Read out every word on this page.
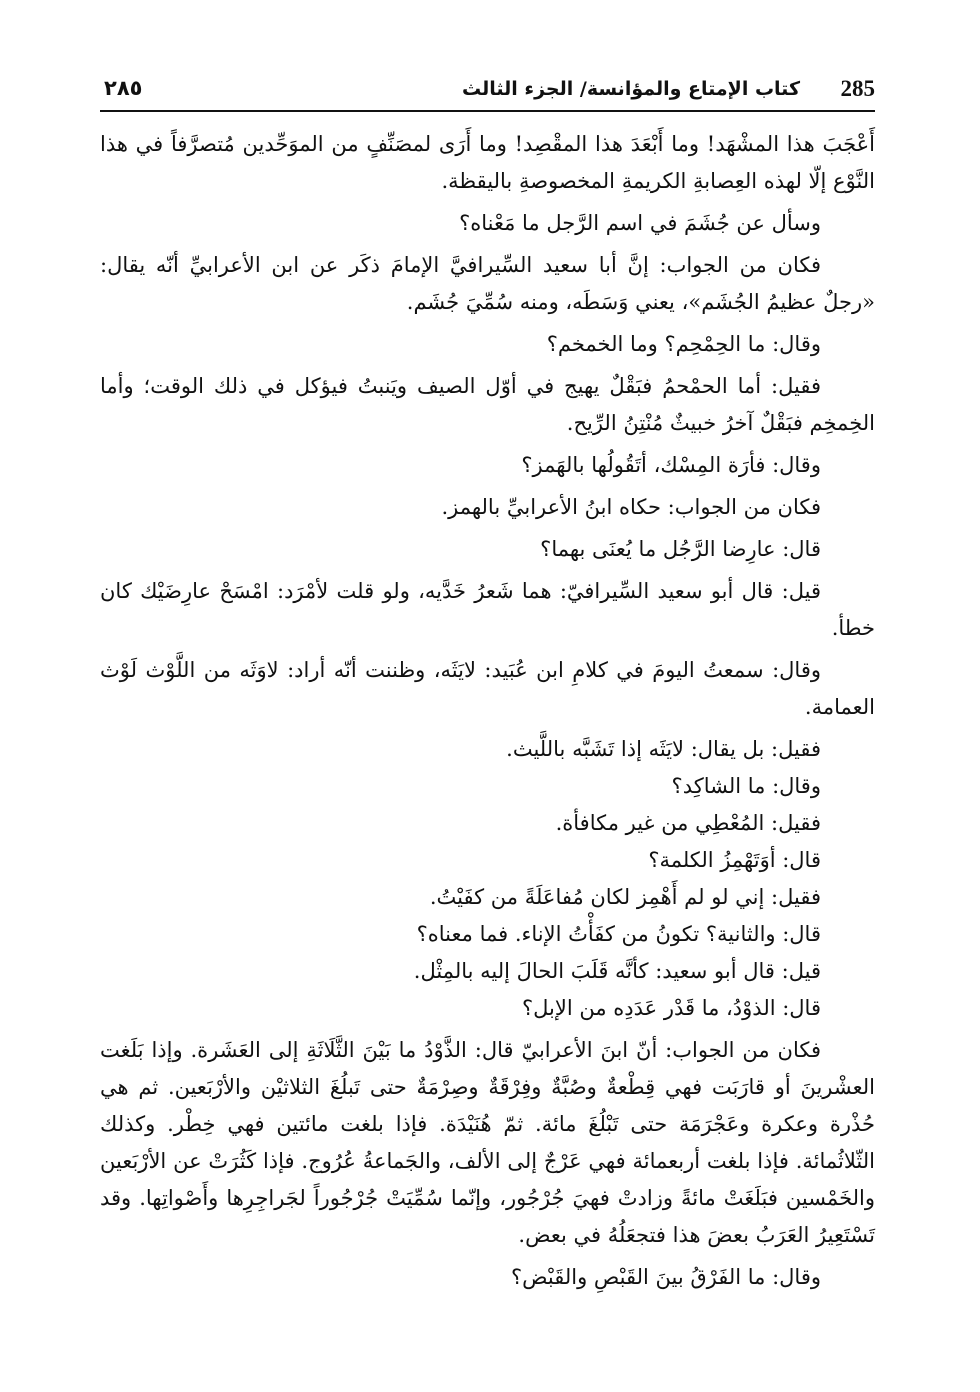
285
كتاب الإمتاع والمؤانسة/ الجزء الثالث
٢٨٥

أَعْجَبَ هذا المشْهَد! وما أَبْعَدَ هذا المقْصِد! وما أَرَى لمصَنِّفٍ من الموَحِّدين مُتصرَّفاً في هذا النَّوْع إلّا لهذه العِصابةِ الكريمةِ المخصوصةِ باليقظة.

وسأل عن جُشَمَ في اسم الرَّجل ما مَعْناه؟

فكان من الجواب: إنَّ أبا سعيد السِّيرافيَّ الإمامَ ذكَر عن ابن الأعرابيِّ أنّه يقال: «رجلٌ عظيمُ الجُشَم»، يعني وَسَطَه، ومنه سُمِّيَ جُشَم.

وقال: ما الحِمْحِم؟ وما الخمخم؟

فقيل: أما الحمْحمُ فبَقْلٌ يهيج في أوّل الصيف ويَنبتُ فيؤكل في ذلك الوقت؛ وأما الخِمخِم فبَقْلٌ آخرُ خبيثٌ مُنْتِنُ الرِّيح.

وقال: فأرَة المِسْك، أتَقُولُها بالهَمز؟

فكان من الجواب: حكاه ابنُ الأعرابيِّ بالهمز.

قال: عارِضا الرَّجُل ما يُعنَى بهما؟

قيل: قال أبو سعيد السِّيرافيّ: هما شَعرُ خَدَّيه، ولو قلت لأمْرَد: امْسَحْ عارِضَيْك كان خطأ.

وقال: سمعتُ اليومَ في كلامِ ابن عُبَيد: لايَثَه، وظننت أنّه أراد: لاوَثَه من اللَّوْث لَوْث العمامة.

فقيل: بل يقال: لايَثَه إذا تَشَبَّه باللَّيث.

وقال: ما الشاكِد؟

فقيل: المُعْطِي من غير مكافأة.

قال: أوَتَهْمِزُ الكلمة؟

فقيل: إني لو لم أَهْمِز لكان مُفاعَلَةً من كفَيْتُ.

قال: والثانية؟ تكونُ من كفَأْتُ الإناء. فما معناه؟

قيل: قال أبو سعيد: كأنَّه قَلَبَ الحالَ إليه بالمِثْل.

قال: الذوْدُ، ما قَدْر عَدَدِه من الإبل؟

فكان من الجواب: أنّ ابنَ الأعرابيّ قال: الذَّوْدُ ما بَيْنَ الثَّلَاثَةِ إلى العَشَرة. وإذا بَلَغت العشْرينَ أو قارَبَت فهي قِطْعةٌ وصُبَّةٌ وفِرْقَةٌ وصِرْمَةٌ حتى تَبلُغَ الثلاثيْن والأرْبَعين. ثم هي حُذْرة وعكرة وعَجْرَمَة حتى تَبْلُغَ مائة. ثمّ هُنَيْدَة. فإذا بلغت مائتين فهي خِطْر. وكذلك الثّلاثُمائة. فإذا بلغت أربعمائة فهي عَرْجٌ إلى الألف، والجَماعةُ عُرُوج. فإذا كَثُرَتْ عن الأرْبَعين والخَمْسين فبَلَغَتْ مائةً وزادتْ فهيَ جُرْجُور، وإنّما سُمِّيَتْ جُرْجُوراً لجَراجِرِها وأَصْواتِها. وقد تَسْتَعِيرُ العَرَبُ بعضَ هذا فتجعَلُهُ في بعض.

وقال: ما الفَرْقُ بينَ القَبْصِ والقَبْض؟
